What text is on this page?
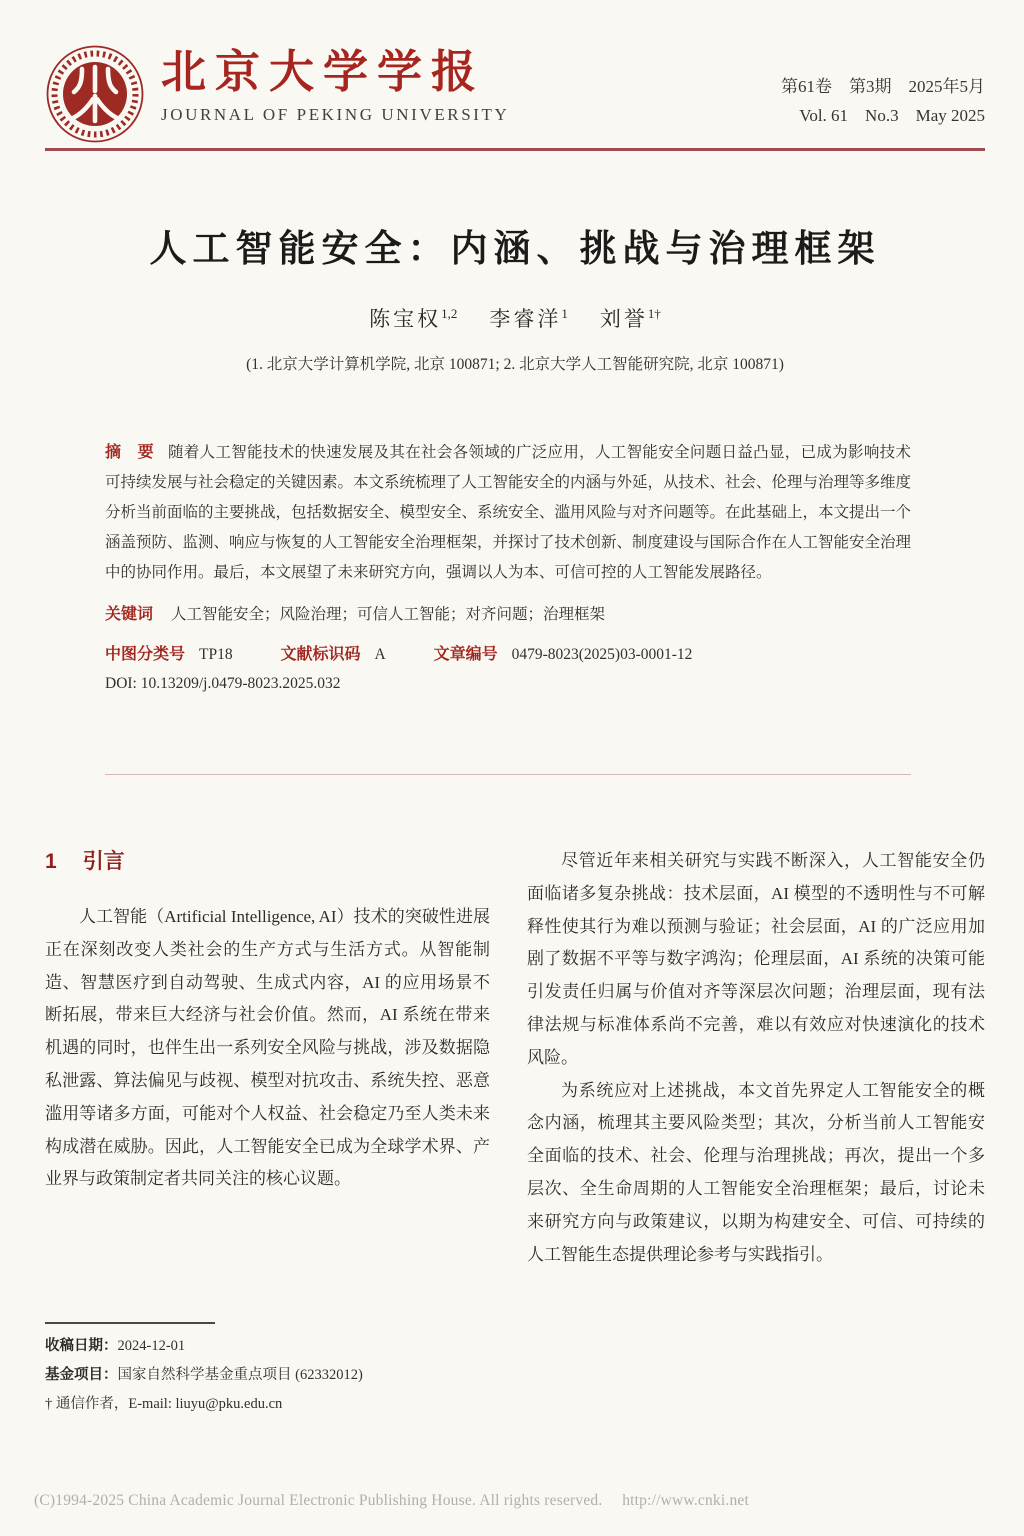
北京大学学报
JOURNAL OF PEKING UNIVERSITY
第61卷　第3期　2025年5月
Vol. 61　No.3　May 2025
人工智能安全：内涵、挑战与治理框架
陈宝权$^{1,2}$ 李睿洋$^1$ 刘誉$^{1\dagger}$
(1. 北京大学计算机学院, 北京 100871; 2. 北京大学人工智能研究院, 北京 100871)
摘　要 随着人工智能技术的快速发展及其在社会各领域的广泛应用，人工智能安全问题日益凸显，已成为影响技术可持续发展与社会稳定的关键因素。本文系统梳理了人工智能安全的内涵与外延，从技术、社会、伦理与治理等多维度分析当前面临的主要挑战，包括数据安全、模型安全、系统安全、滥用风险与对齐问题等。在此基础上，本文提出一个涵盖预防、监测、响应与恢复的人工智能安全治理框架，并探讨了技术创新、制度建设与国际合作在人工智能安全治理中的协同作用。最后，本文展望了未来研究方向，强调以人为本、可信可控的人工智能发展路径。
关键词 人工智能安全；风险治理；可信人工智能；对齐问题；治理框架
中图分类号 TP18	文献标识码 A	文章编号 0479-8023(2025)03-0001-12
DOI: 10.13209/j.0479-8023.2025.032
1 引言

人工智能（Artificial Intelligence, AI）技术的突破性进展正在深刻改变人类社会的生产方式与生活方式。从智能制造、智慧医疗到自动驾驶、生成式内容，AI 的应用场景不断拓展，带来巨大经济与社会价值。然而，AI 系统在带来机遇的同时，也伴生出一系列安全风险与挑战，涉及数据隐私泄露、算法偏见与歧视、模型对抗攻击、系统失控、恶意滥用等诸多方面，可能对个人权益、社会稳定乃至人类未来构成潜在威胁。因此，人工智能安全已成为全球学术界、产业界与政策制定者共同关注的核心议题。

尽管近年来相关研究与实践不断深入，人工智能安全仍面临诸多复杂挑战：技术层面，AI 模型的不透明性与不可解释性使其行为难以预测与验证；社会层面，AI 的广泛应用加剧了数据不平等与数字鸿沟；伦理层面，AI 系统的决策可能引发责任归属与价值对齐等深层次问题；治理层面，现有法律法规与标准体系尚不完善，难以有效应对快速演化的技术风险。

为系统应对上述挑战，本文首先界定人工智能安全的概念内涵，梳理其主要风险类型；其次，分析当前人工智能安全面临的技术、社会、伦理与治理挑战；再次，提出一个多层次、全生命周期的人工智能安全治理框架；最后，讨论未来研究方向与政策建议，以期为构建安全、可信、可持续的人工智能生态提供理论参考与实践指引。

收稿日期：2024-12-01
基金项目：国家自然科学基金重点项目 (62332012)
† 通信作者，E-mail: liuyu@pku.edu.cn
(C)1994-2025 China Academic Journal Electronic Publishing House. All rights reserved.　 http://www.cnki.net
